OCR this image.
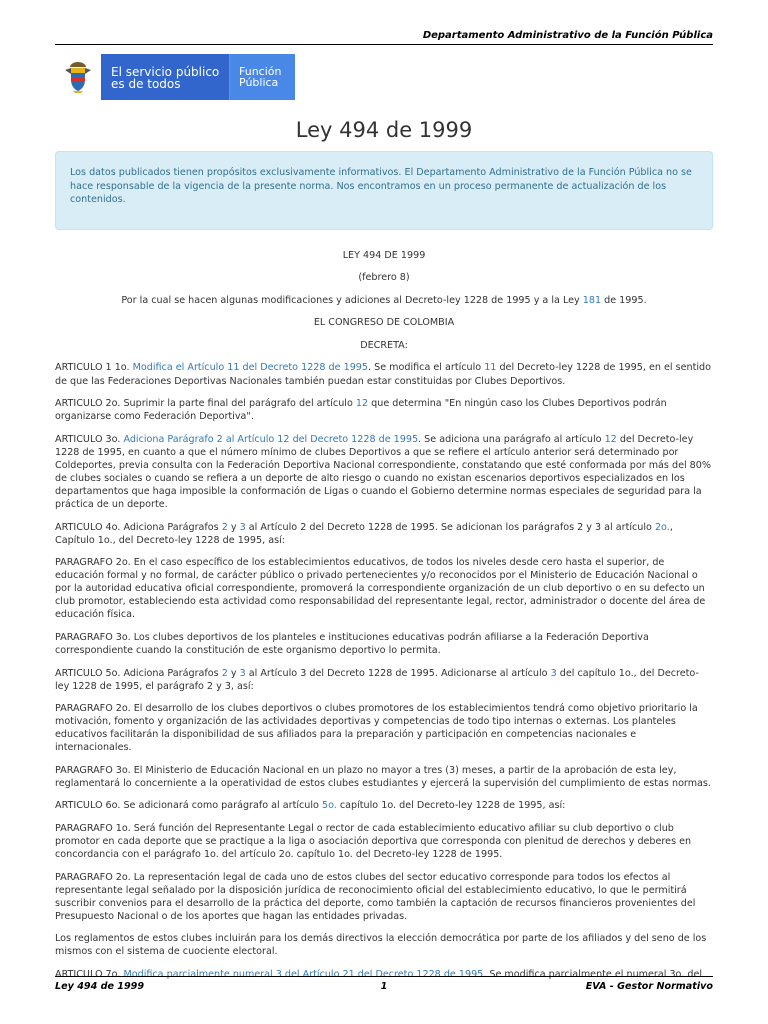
Departamento Administrativo de la Función Pública
El servicio público
es de todos
Función
Pública
Ley 494 de 1999
Los datos publicados tienen propósitos exclusivamente informativos. El Departamento Administrativo de la Función Pública no se hace responsable de la vigencia de la presente norma. Nos encontramos en un proceso permanente de actualización de los contenidos.

LEY 494 DE 1999

(febrero 8)

Por la cual se hacen algunas modificaciones y adiciones al Decreto-ley 1228 de 1995 y a la Ley 181 de 1995.

EL CONGRESO DE COLOMBIA

DECRETA:

ARTICULO 1 1o. Modifica el Artículo 11 del Decreto 1228 de 1995. Se modifica el artículo 11 del Decreto-ley 1228 de 1995, en el sentido de que las Federaciones Deportivas Nacionales también puedan estar constituidas por Clubes Deportivos.

ARTICULO 2o. Suprimir la parte final del parágrafo del artículo 12 que determina "En ningún caso los Clubes Deportivos podrán organizarse como Federación Deportiva".

ARTICULO 3o. Adiciona Parágrafo 2 al Artículo 12 del Decreto 1228 de 1995. Se adiciona una parágrafo al artículo 12 del Decreto-ley 1228 de 1995, en cuanto a que el número mínimo de clubes Deportivos a que se refiere el artículo anterior será determinado por Coldeportes, previa consulta con la Federación Deportiva Nacional correspondiente, constatando que esté conformada por más del 80% de clubes sociales o cuando se refiera a un deporte de alto riesgo o cuando no existan escenarios deportivos especializados en los departamentos que haga imposible la conformación de Ligas o cuando el Gobierno determine normas especiales de seguridad para la práctica de un deporte.

ARTICULO 4o. Adiciona Parágrafos 2 y 3 al Artículo 2 del Decreto 1228 de 1995. Se adicionan los parágrafos 2 y 3 al artículo 2o., Capítulo 1o., del Decreto-ley 1228 de 1995, así:

PARAGRAFO 2o. En el caso específico de los establecimientos educativos, de todos los niveles desde cero hasta el superior, de educación formal y no formal, de carácter público o privado pertenecientes y/o reconocidos por el Ministerio de Educación Nacional o por la autoridad educativa oficial correspondiente, promoverá la correspondiente organización de un club deportivo o en su defecto un club promotor, estableciendo esta actividad como responsabilidad del representante legal, rector, administrador o docente del área de educación física.

PARAGRAFO 3o. Los clubes deportivos de los planteles e instituciones educativas podrán afiliarse a la Federación Deportiva correspondiente cuando la constitución de este organismo deportivo lo permita.

ARTICULO 5o. Adiciona Parágrafos 2 y 3 al Artículo 3 del Decreto 1228 de 1995. Adicionarse al artículo 3 del capítulo 1o., del Decreto-ley 1228 de 1995, el parágrafo 2 y 3, así:

PARAGRAFO 2o. El desarrollo de los clubes deportivos o clubes promotores de los establecimientos tendrá como objetivo prioritario la motivación, fomento y organización de las actividades deportivas y competencias de todo tipo internas o externas. Los planteles educativos facilitarán la disponibilidad de sus afiliados para la preparación y participación en competencias nacionales e internacionales.

PARAGRAFO 3o. El Ministerio de Educación Nacional en un plazo no mayor a tres (3) meses, a partir de la aprobación de esta ley, reglamentará lo concerniente a la operatividad de estos clubes estudiantes y ejercerá la supervisión del cumplimiento de estas normas.

ARTICULO 6o. Se adicionará como parágrafo al artículo 5o. capítulo 1o. del Decreto-ley 1228 de 1995, así:

PARAGRAFO 1o. Será función del Representante Legal o rector de cada establecimiento educativo afiliar su club deportivo o club promotor en cada deporte que se practique a la liga o asociación deportiva que corresponda con plenitud de derechos y deberes en concordancia con el parágrafo 1o. del artículo 2o. capítulo 1o. del Decreto-ley 1228 de 1995.

PARAGRAFO 2o. La representación legal de cada uno de estos clubes del sector educativo corresponde para todos los efectos al representante legal señalado por la disposición jurídica de reconocimiento oficial del establecimiento educativo, lo que le permitirá suscribir convenios para el desarrollo de la práctica del deporte, como también la captación de recursos financieros provenientes del Presupuesto Nacional o de los aportes que hagan las entidades privadas.

Los reglamentos de estos clubes incluirán para los demás directivos la elección democrática por parte de los afiliados y del seno de los mismos con el sistema de cuociente electoral.

ARTICULO 7o. Modifica parcialmente numeral 3 del Artículo 21 del Decreto 1228 de 1995. Se modifica parcialmente el numeral 3o. del

Ley 494 de 1999	1	EVA - Gestor Normativo
